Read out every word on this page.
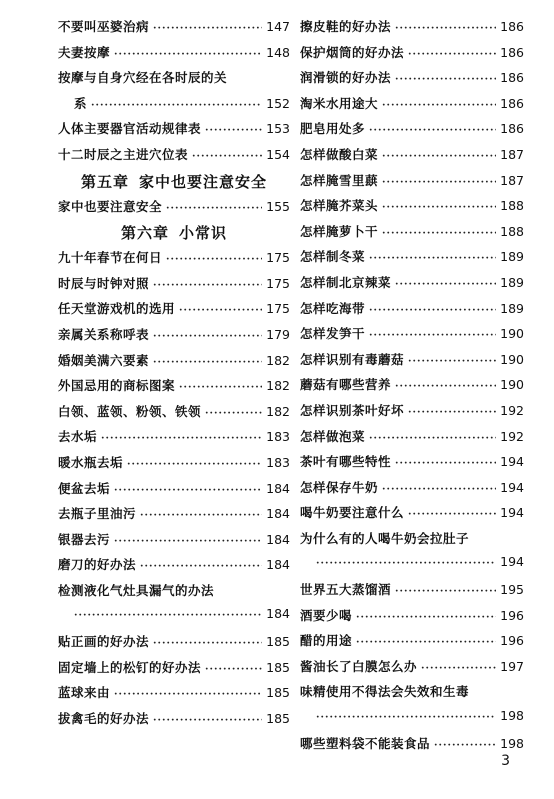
不要叫巫婆治病 ·····	147
夫妻按摩 ·····	148
按摩与自身穴经在各时辰的关
系 ·····	152
人体主要器官活动规律表 ·····	153
十二时辰之主进穴位表 ·····	154
第五章 家中也要注意安全
家中也要注意安全 ·····	155
第六章 小常识
九十年春节在何日 ·····	175
时辰与时钟对照 ·····	175
任天堂游戏机的选用 ·····	175
亲属关系称呼表 ·····	179
婚姻美满六要素 ·····	182
外国忌用的商标图案 ·····	182
白领、蓝领、粉领、铁领 ·····	182
去水垢 ·····	183
暖水瓶去垢 ·····	183
便盆去垢 ·····	184
去瓶子里油污 ·····	184
银器去污 ·····	184
磨刀的好办法 ·····	184
检测液化气灶具漏气的办法
·····
184
贴正画的好办法 ·····	185
固定墙上的松钉的好办法 ·····	185
蓝球来由 ·····	185
拔禽毛的好办法 ·····	185
擦皮鞋的好办法 ·····	186
保护烟筒的好办法 ·····	186
润滑锁的好办法 ·····	186
淘米水用途大 ·····	186
肥皂用处多 ·····	186
怎样做酸白菜 ·····	187
怎样腌雪里蕻 ·····	187
怎样腌芥菜头 ·····	188
怎样腌萝卜干 ·····	188
怎样制冬菜 ·····	189
怎样制北京辣菜 ·····	189
怎样吃海带 ·····	189
怎样发笋干 ·····	190
怎样识别有毒蘑菇 ·····	190
蘑菇有哪些营养 ·····	190
怎样识别茶叶好坏 ·····	192
怎样做泡菜 ·····	192
茶叶有哪些特性 ·····	194
怎样保存牛奶 ·····	194
喝牛奶要注意什么 ·····	194
为什么有的人喝牛奶会拉肚子
·····
194
世界五大蒸馏酒 ·····	195
酒要少喝 ·····	196
醋的用途 ·····	196
酱油长了白膜怎么办 ·····	197
味精使用不得法会失效和生毒
·····
198
哪些塑料袋不能装食品 ·····	198
3
